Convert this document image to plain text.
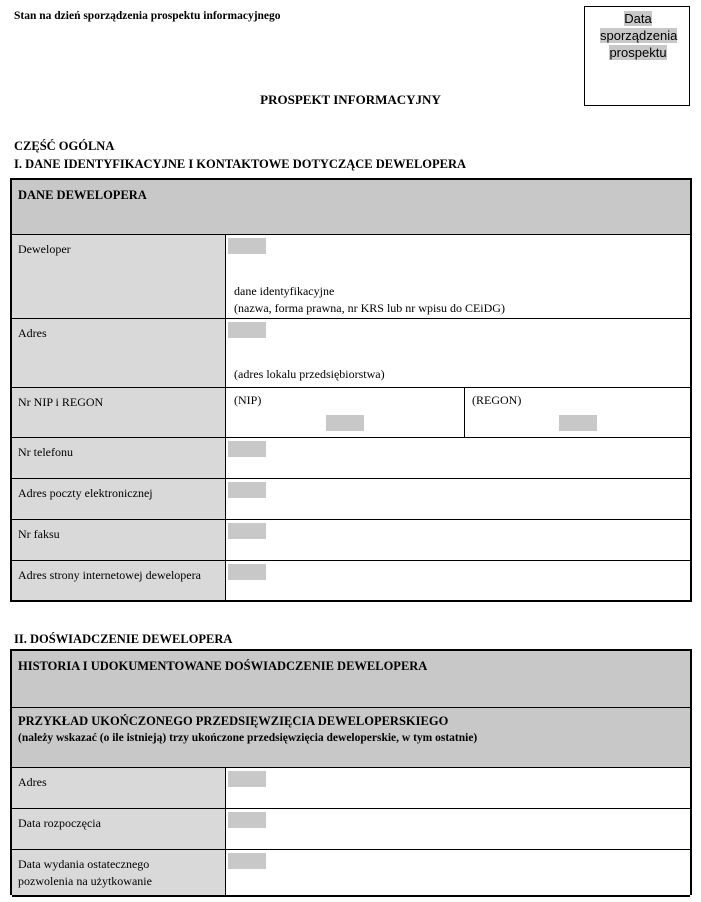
Stan na dzień sporządzenia prospektu informacyjnego	Data
sporządzenia
prospektu
PROSPEKT INFORMACYJNY
CZĘŚĆ OGÓLNA
I. DANE IDENTYFIKACYJNE I KONTAKTOWE DOTYCZĄCE DEWELOPERA
DANE DEWELOPERA
Deweloper
dane identyfikacyjne
(nazwa, forma prawna, nr KRS lub nr wpisu do CEiDG)
Adres
(adres lokalu przedsiębiorstwa)
Nr NIP i REGON	(NIP)	(REGON)
Nr telefonu
Adres poczty elektronicznej
Nr faksu
Adres strony internetowej dewelopera
II. DOŚWIADCZENIE DEWELOPERA
HISTORIA I UDOKUMENTOWANE DOŚWIADCZENIE DEWELOPERA
PRZYKŁAD UKOŃCZONEGO PRZEDSIĘWZIĘCIA DEWELOPERSKIEGO
(należy wskazać (o ile istnieją) trzy ukończone przedsięwzięcia deweloperskie, w tym ostatnie)
Adres
Data rozpoczęcia
Data wydania ostatecznego
pozwolenia na użytkowanie
